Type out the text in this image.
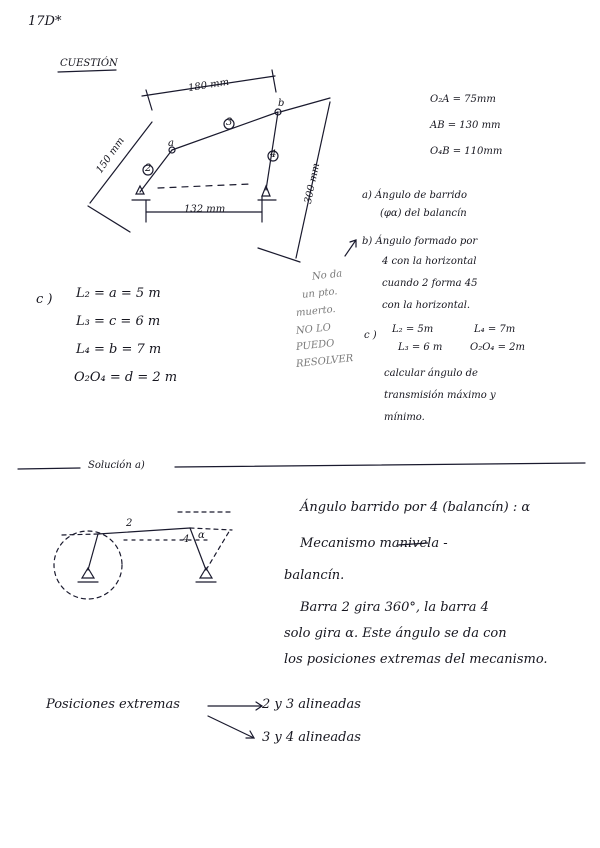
17D*
CUESTIÓN
180 mm
150 mm
132 mm
300 mm
a
b
2
3
4
O₂A = 75mm
AB = 130 mm
O₄B = 110mm
a) Ángulo de barrido
(φα) del balancín
b) Ángulo formado por
4 con la horizontal
cuando 2 forma 45
con la horizontal.
c )
L₂ = 5m	L₄ = 7m
L₃ = 6 m	O₂O₄ = 2m
calcular ángulo de
transmisión máximo y
mínimo.
No da
un pto.
muerto.
NO LO
PUEDO
RESOLVER
c ) L₂ = a = 5 m
L₃ = c = 6 m
L₄ = b = 7 m
O₂O₄ = d = 2 m
Solución a)
Ángulo barrido por 4 (balancín) : α
Mecanismo manivela -
balancín.
Barra 2 gira 360°, la barra 4
solo gira α. Este ángulo se da con
los posiciones extremas del mecanismo.
2
4 α
Posiciones extremas	2 y 3 alineadas
3 y 4 alineadas
